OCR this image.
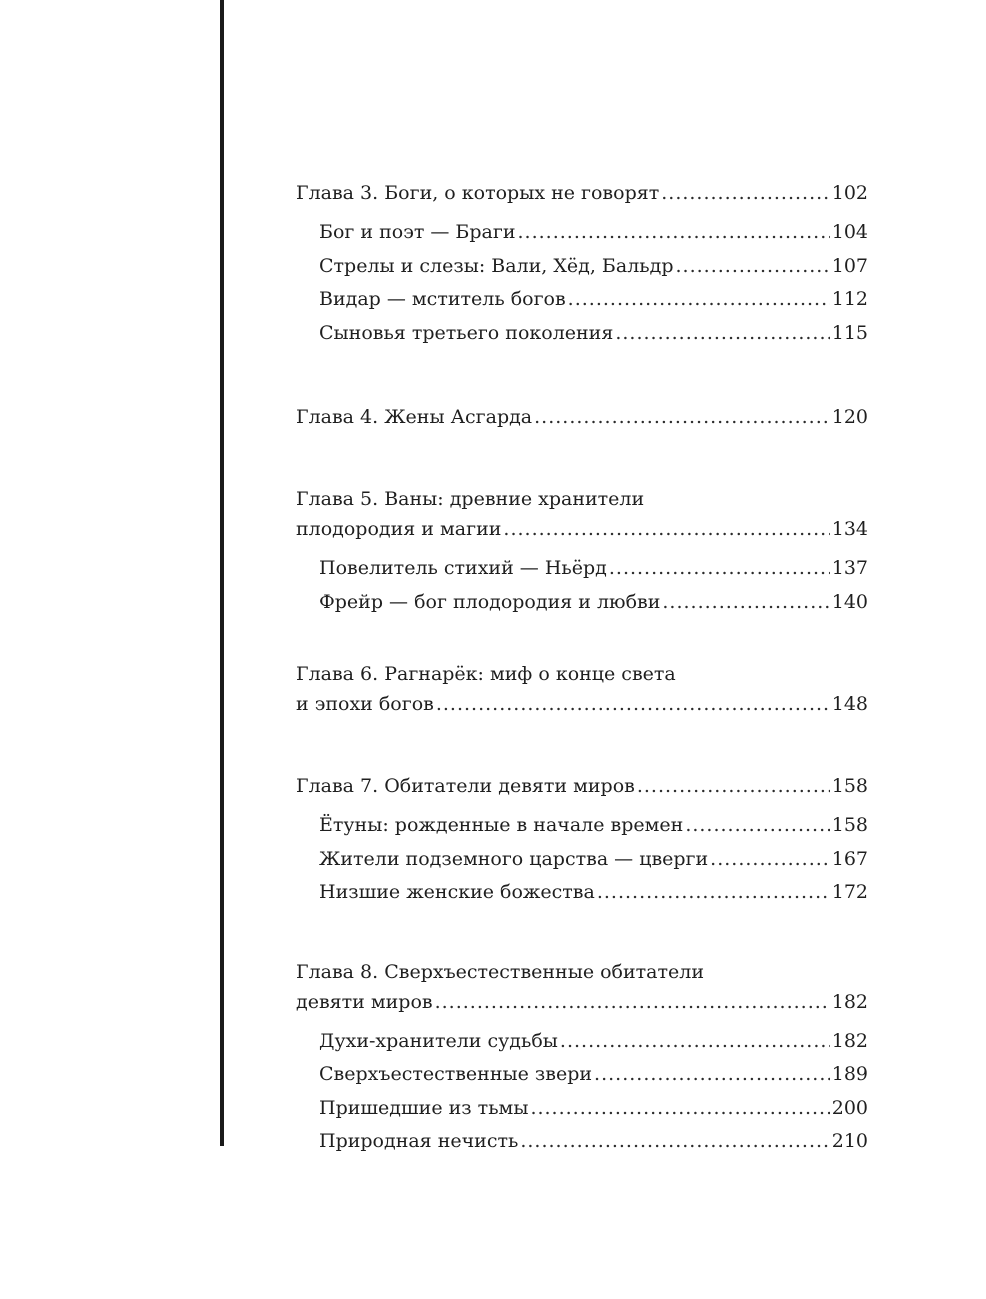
Глава 3. Боги, о которых не говорят .....	102
Бог и поэт — Браги .....	104
Стрелы и слезы: Вали, Хёд, Бальдр .....	107
Видар — мститель богов .....	112
Сыновья третьего поколения .....	115
Глава 4. Жены Асгарда .....	120
Глава 5. Ваны: древние хранители
плодородия и магии .....	134
Повелитель стихий — Ньёрд .....	137
Фрейр — бог плодородия и любви .....	140
Глава 6. Рагнарёк: миф о конце света
и эпохи богов .....	148
Глава 7. Обитатели девяти миров .....	158
Ётуны: рожденные в начале времен .....	158
Жители подземного царства — цверги .....	167
Низшие женские божества .....	172
Глава 8. Сверхъестественные обитатели
девяти миров .....	182
Духи-хранители судьбы .....	182
Сверхъестественные звери .....	189
Пришедшие из тьмы .....	200
Природная нечисть .....	210
